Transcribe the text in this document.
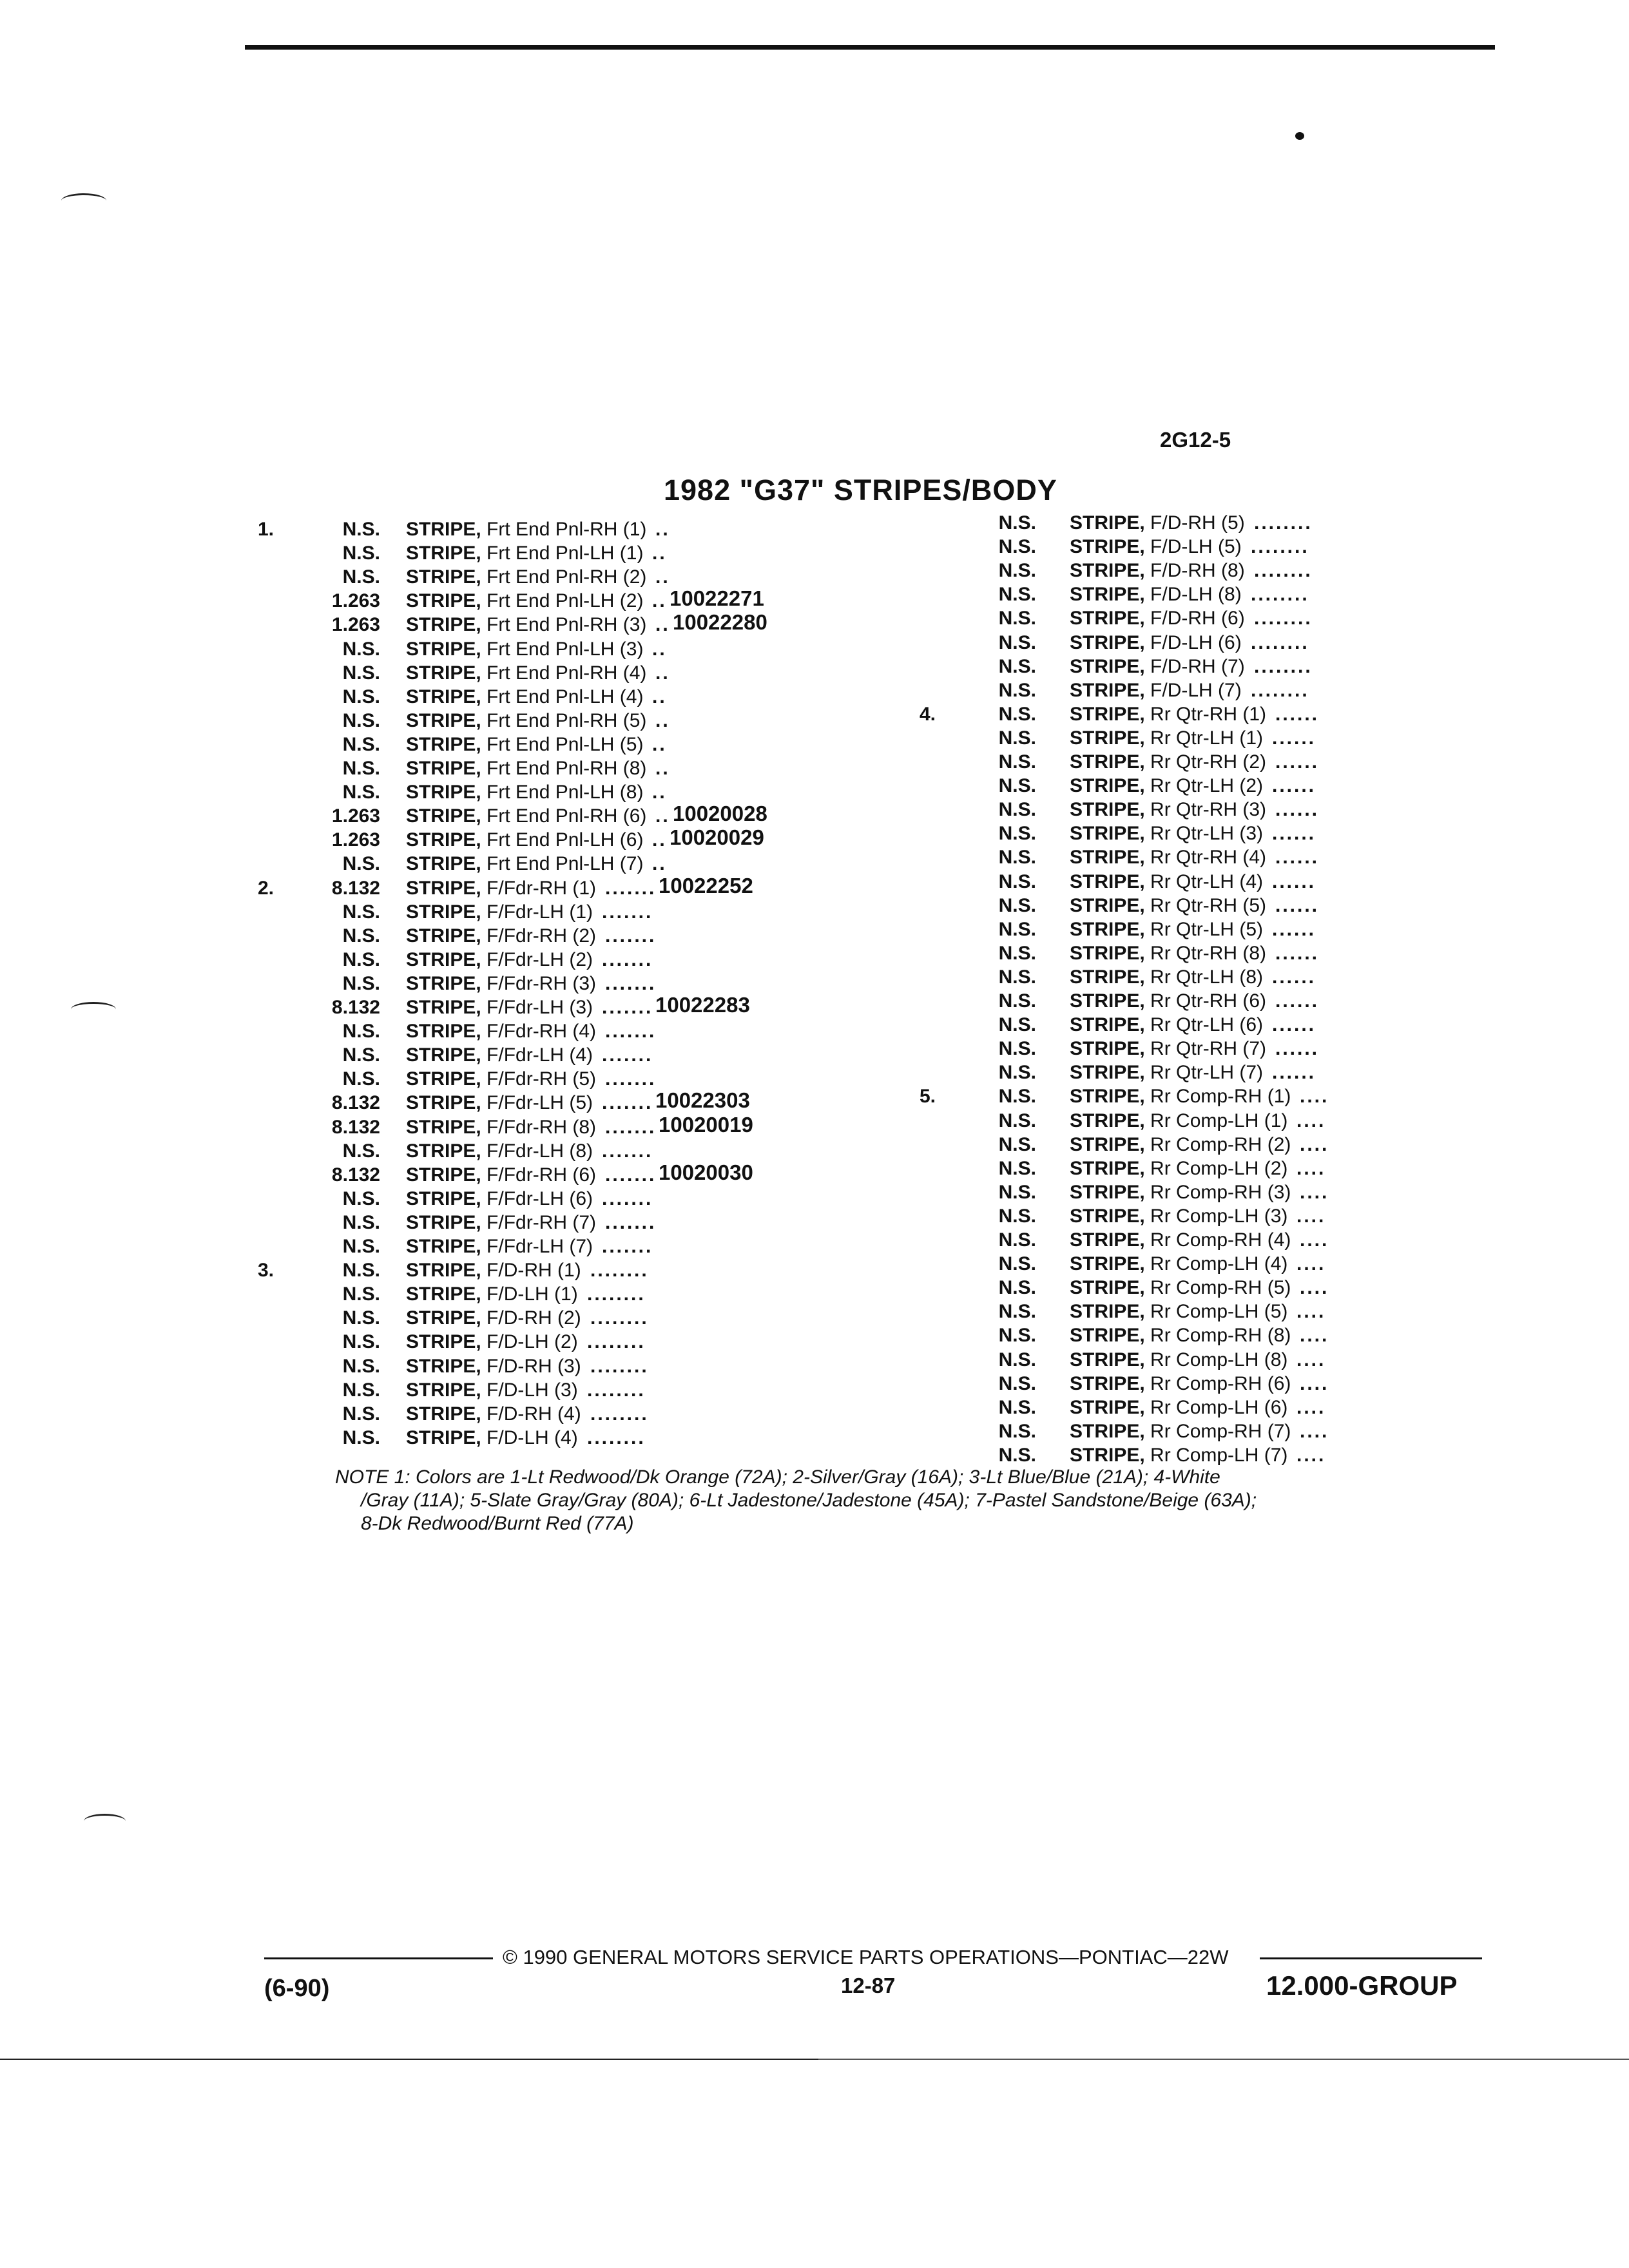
2G12-5
1982 "G37" STRIPES/BODY
1.	N.S. STRIPE, Frt End Pnl-RH (1) ..
N.S. STRIPE, Frt End Pnl-LH (1) ..
N.S. STRIPE, Frt End Pnl-RH (2) ..
1.263 STRIPE, Frt End Pnl-LH (2) .. 10022271
1.263 STRIPE, Frt End Pnl-RH (3) .. 10022280
N.S. STRIPE, Frt End Pnl-LH (3) ..
N.S. STRIPE, Frt End Pnl-RH (4) ..
N.S. STRIPE, Frt End Pnl-LH (4) ..
N.S. STRIPE, Frt End Pnl-RH (5) ..
N.S. STRIPE, Frt End Pnl-LH (5) ..
N.S. STRIPE, Frt End Pnl-RH (8) ..
N.S. STRIPE, Frt End Pnl-LH (8) ..
1.263 STRIPE, Frt End Pnl-RH (6) .. 10020028
1.263 STRIPE, Frt End Pnl-LH (6) .. 10020029
N.S. STRIPE, Frt End Pnl-LH (7) ..
2.	8.132 STRIPE, F/Fdr-RH (1) ....... 10022252
N.S. STRIPE, F/Fdr-LH (1) .......
N.S. STRIPE, F/Fdr-RH (2) .......
N.S. STRIPE, F/Fdr-LH (2) .......
N.S. STRIPE, F/Fdr-RH (3) .......
8.132 STRIPE, F/Fdr-LH (3) ....... 10022283
N.S. STRIPE, F/Fdr-RH (4) .......
N.S. STRIPE, F/Fdr-LH (4) .......
N.S. STRIPE, F/Fdr-RH (5) .......
8.132 STRIPE, F/Fdr-LH (5) ....... 10022303
8.132 STRIPE, F/Fdr-RH (8) ....... 10020019
N.S. STRIPE, F/Fdr-LH (8) .......
8.132 STRIPE, F/Fdr-RH (6) ....... 10020030
N.S. STRIPE, F/Fdr-LH (6) .......
N.S. STRIPE, F/Fdr-RH (7) .......
N.S. STRIPE, F/Fdr-LH (7) .......
3.	N.S. STRIPE, F/D-RH (1) ........
N.S. STRIPE, F/D-LH (1) ........
N.S. STRIPE, F/D-RH (2) ........
N.S. STRIPE, F/D-LH (2) ........
N.S. STRIPE, F/D-RH (3) ........
N.S. STRIPE, F/D-LH (3) ........
N.S. STRIPE, F/D-RH (4) ........
N.S. STRIPE, F/D-LH (4) ........
N.S. STRIPE, F/D-RH (5) ........
N.S. STRIPE, F/D-LH (5) ........
N.S. STRIPE, F/D-RH (8) ........
N.S. STRIPE, F/D-LH (8) ........
N.S. STRIPE, F/D-RH (6) ........
N.S. STRIPE, F/D-LH (6) ........
N.S. STRIPE, F/D-RH (7) ........
N.S. STRIPE, F/D-LH (7) ........
4.	N.S. STRIPE, Rr Qtr-RH (1) ......
N.S. STRIPE, Rr Qtr-LH (1) ......
N.S. STRIPE, Rr Qtr-RH (2) ......
N.S. STRIPE, Rr Qtr-LH (2) ......
N.S. STRIPE, Rr Qtr-RH (3) ......
N.S. STRIPE, Rr Qtr-LH (3) ......
N.S. STRIPE, Rr Qtr-RH (4) ......
N.S. STRIPE, Rr Qtr-LH (4) ......
N.S. STRIPE, Rr Qtr-RH (5) ......
N.S. STRIPE, Rr Qtr-LH (5) ......
N.S. STRIPE, Rr Qtr-RH (8) ......
N.S. STRIPE, Rr Qtr-LH (8) ......
N.S. STRIPE, Rr Qtr-RH (6) ......
N.S. STRIPE, Rr Qtr-LH (6) ......
N.S. STRIPE, Rr Qtr-RH (7) ......
N.S. STRIPE, Rr Qtr-LH (7) ......
5.	N.S. STRIPE, Rr Comp-RH (1) ....
N.S. STRIPE, Rr Comp-LH (1) ....
N.S. STRIPE, Rr Comp-RH (2) ....
N.S. STRIPE, Rr Comp-LH (2) ....
N.S. STRIPE, Rr Comp-RH (3) ....
N.S. STRIPE, Rr Comp-LH (3) ....
N.S. STRIPE, Rr Comp-RH (4) ....
N.S. STRIPE, Rr Comp-LH (4) ....
N.S. STRIPE, Rr Comp-RH (5) ....
N.S. STRIPE, Rr Comp-LH (5) ....
N.S. STRIPE, Rr Comp-RH (8) ....
N.S. STRIPE, Rr Comp-LH (8) ....
N.S. STRIPE, Rr Comp-RH (6) ....
N.S. STRIPE, Rr Comp-LH (6) ....
N.S. STRIPE, Rr Comp-RH (7) ....
N.S. STRIPE, Rr Comp-LH (7) ....
NOTE 1: Colors are 1-Lt Redwood/Dk Orange (72A); 2-Silver/Gray (16A); 3-Lt Blue/Blue (21A); 4-White
/Gray (11A); 5-Slate Gray/Gray (80A); 6-Lt Jadestone/Jadestone (45A); 7-Pastel Sandstone/Beige (63A);
8-Dk Redwood/Burnt Red (77A)
© 1990 GENERAL MOTORS SERVICE PARTS OPERATIONS—PONTIAC—22W
(6-90)	12-87	12.000-GROUP
